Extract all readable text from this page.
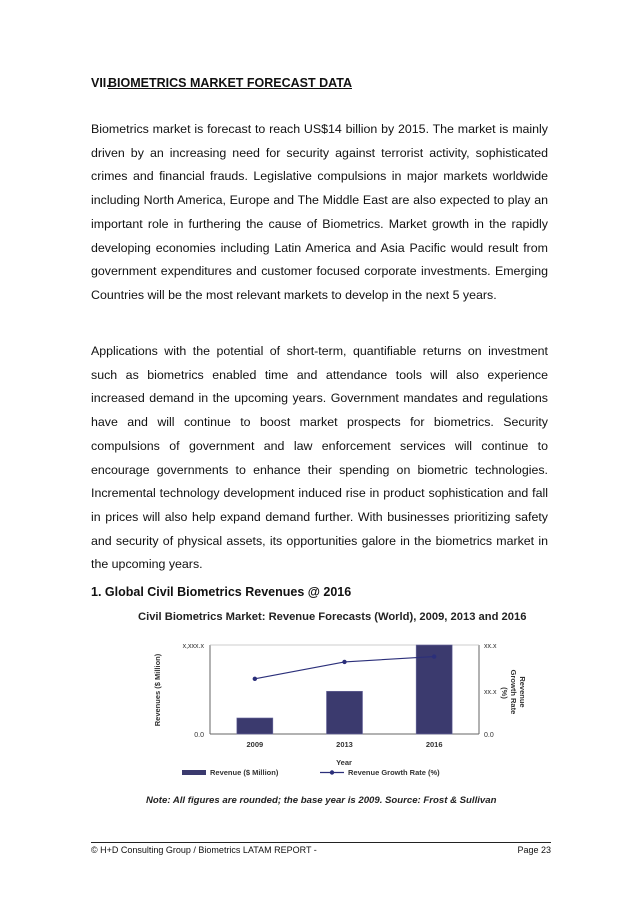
VII.
BIOMETRICS MARKET FORECAST DATA

Biometrics market is forecast to reach US$14 billion by 2015. The market is mainly driven by an increasing need for security against terrorist activity, sophisticated crimes and financial frauds. Legislative compulsions in major markets worldwide including North America, Europe and The Middle East are also expected to play an important role in furthering the cause of Biometrics. Market growth in the rapidly developing economies including Latin America and Asia Pacific would result from government expenditures and customer focused corporate investments. Emerging Countries will be the most relevant markets to develop in the next 5 years.

Applications with the potential of short-term, quantifiable returns on investment such as biometrics enabled time and attendance tools will also experience increased demand in the upcoming years. Government mandates and regulations have and will continue to boost market prospects for biometrics. Security compulsions of government and law enforcement services will continue to encourage governments to enhance their spending on biometric technologies. Incremental technology development induced rise in product sophistication and fall in prices will also help expand demand further. With businesses prioritizing safety and security of physical assets, its opportunities galore in the biometrics market in the upcoming years.

1. Global Civil Biometrics Revenues @ 2016
Civil Biometrics Market: Revenue Forecasts (World), 2009, 2013 and 2016
0.0
x,xxx.x
0.0
xx.x
xx.x
Revenues ($ Million)	Revenue Growth Rate (%)
Year
2009	2013	2016
Revenue ($ Million)	Revenue Growth Rate (%)
Note: All figures are rounded; the base year is 2009. Source: Frost & Sullivan
© H+D Consulting Group / Biometrics LATAM REPORT -	Page 23
